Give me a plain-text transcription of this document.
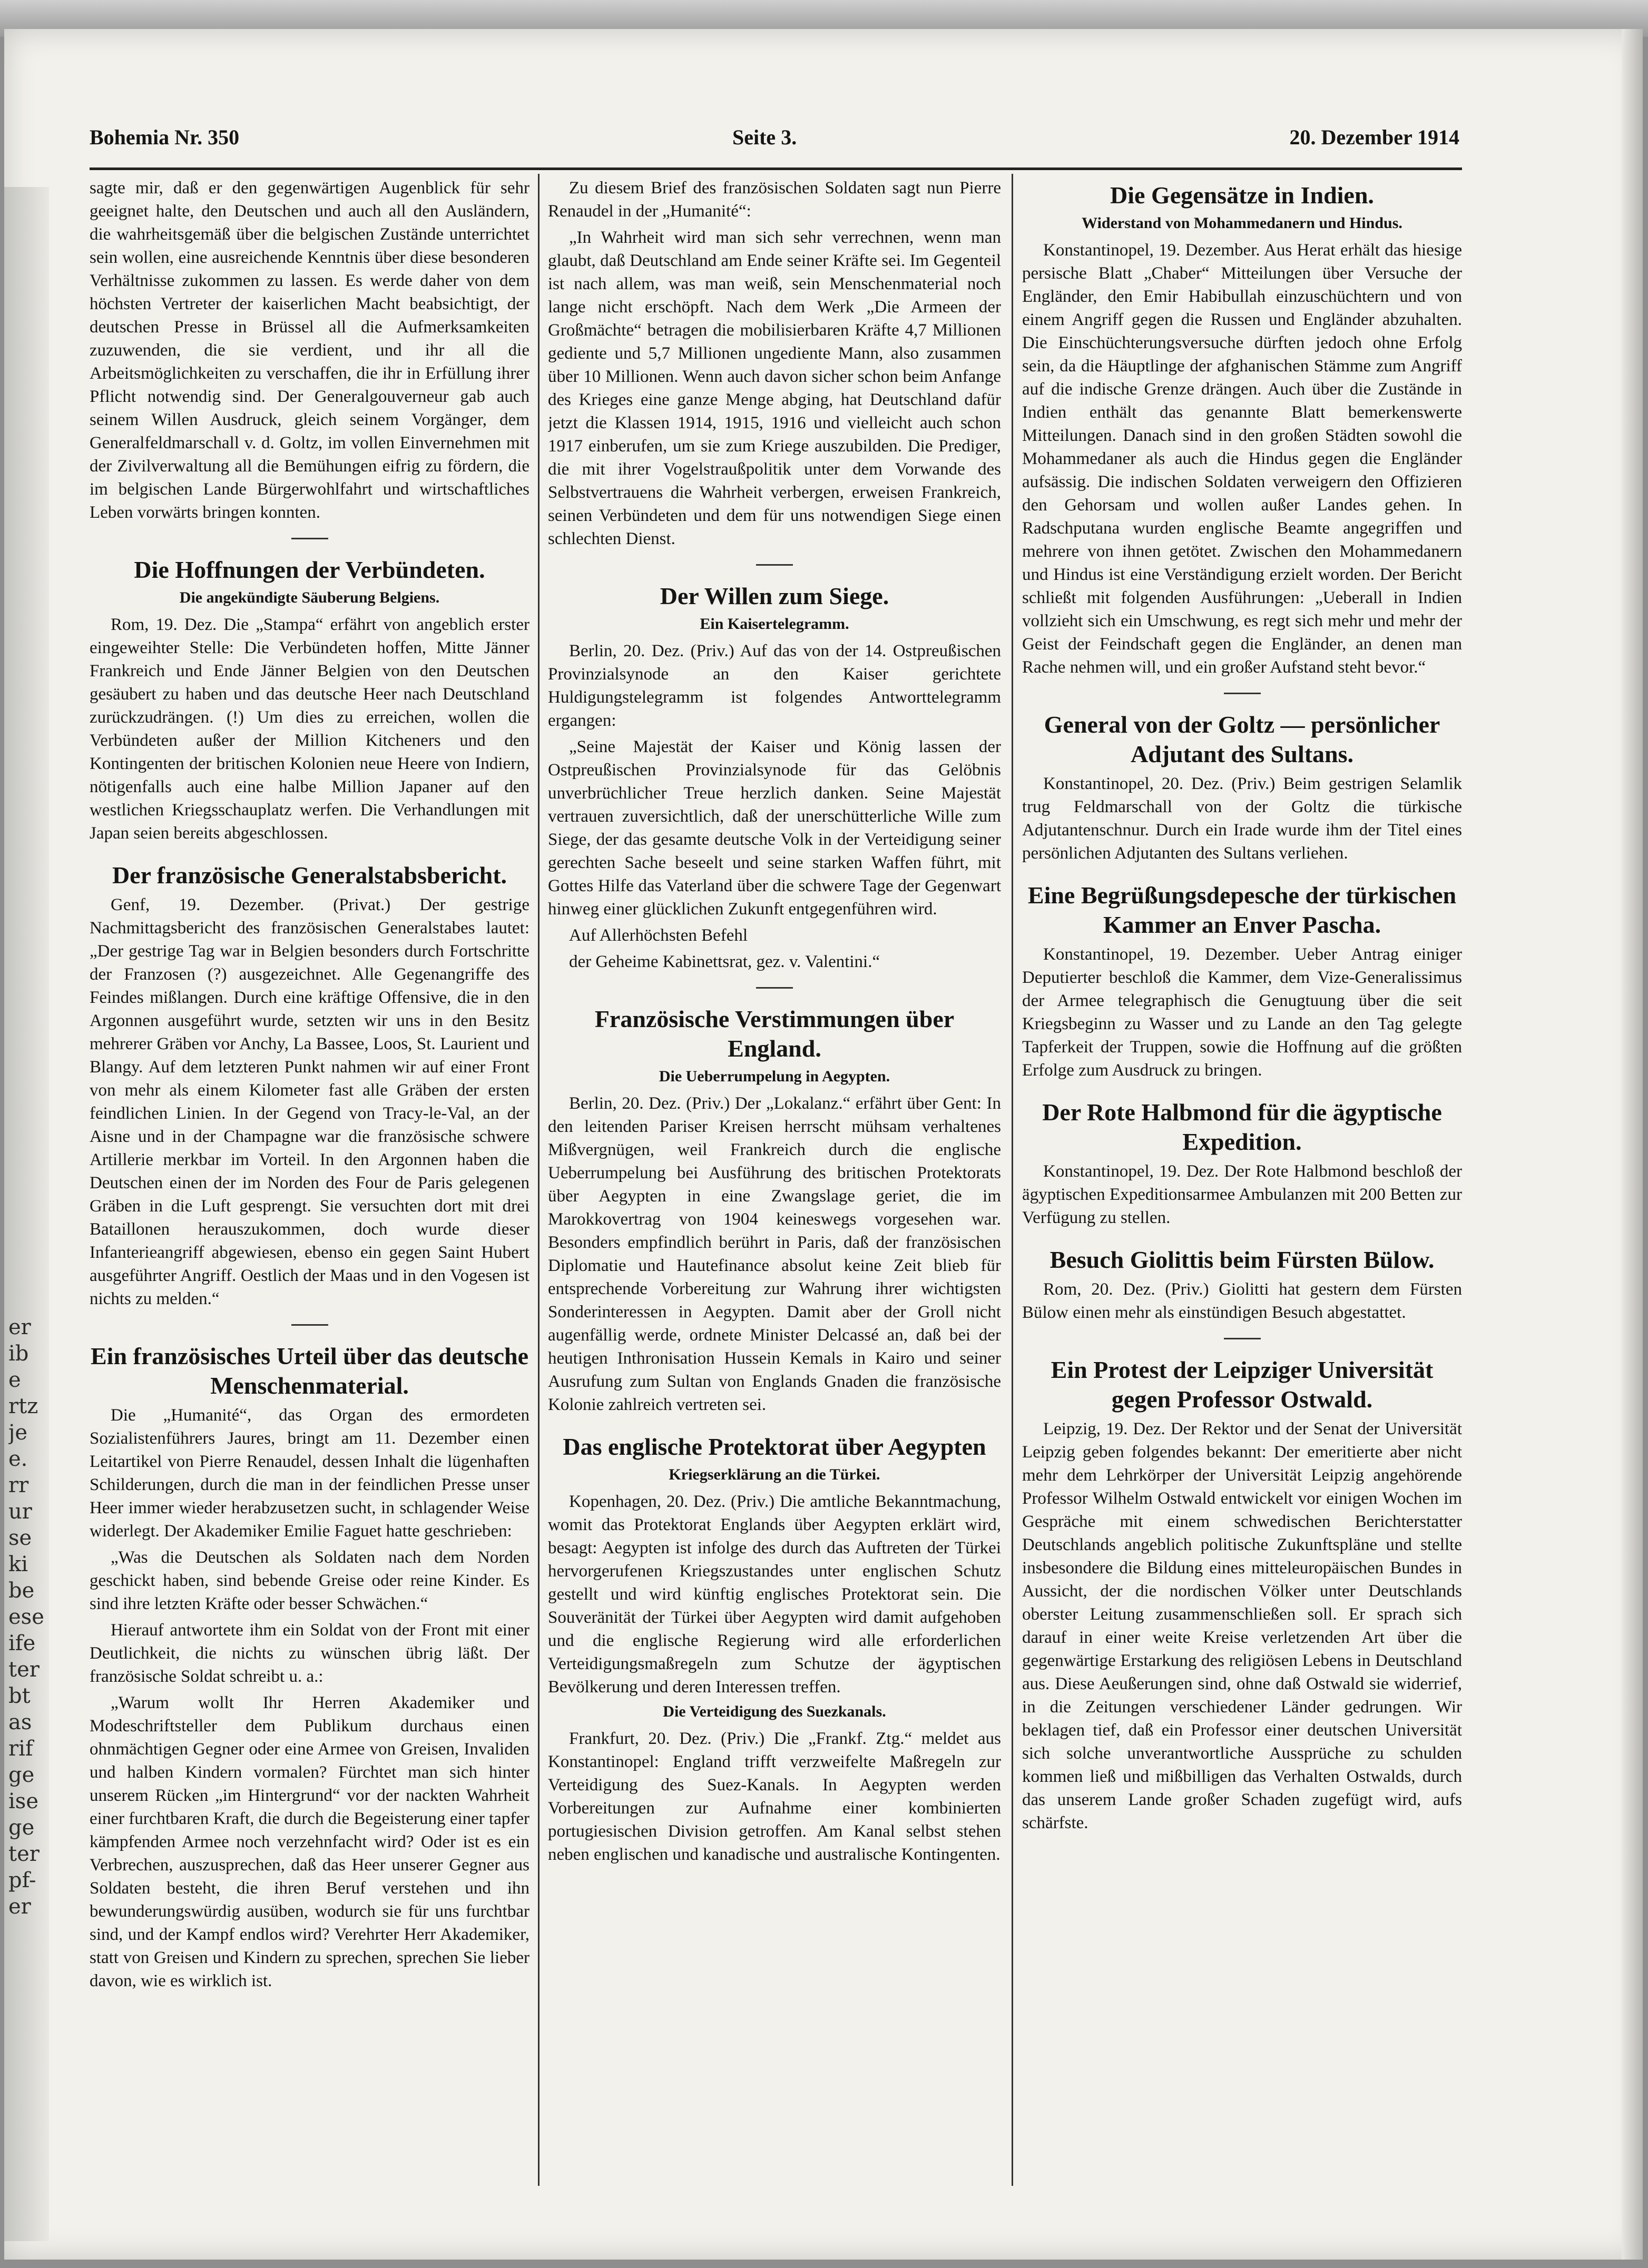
er
ib
e
rtz
je
e.
rr
ur
se
ki
be
ese
ife
ter
bt
as
rif
ge
ise
ge
ter
pf-
er
Bohemia Nr. 350	Seite 3.	20. Dezember 1914

sagte mir, daß er den gegenwärtigen Augenblick für sehr geeignet halte, den Deutschen und auch all den Ausländern, die wahrheitsgemäß über die belgischen Zustände unterrichtet sein wollen, eine ausreichende Kenntnis über diese besonderen Verhältnisse zukommen zu lassen. Es werde daher von dem höchsten Vertreter der kaiserlichen Macht beabsichtigt, der deutschen Presse in Brüssel all die Aufmerksamkeiten zuzuwenden, die sie verdient, und ihr all die Arbeitsmöglichkeiten zu verschaffen, die ihr in Erfüllung ihrer Pflicht notwendig sind. Der Generalgouverneur gab auch seinem Willen Ausdruck, gleich seinem Vorgänger, dem Generalfeldmarschall v. d. Goltz, im vollen Einvernehmen mit der Zivilverwaltung all die Bemühungen eifrig zu fördern, die im belgischen Lande Bürgerwohlfahrt und wirtschaftliches Leben vorwärts bringen konnten.

Die Hoffnungen der Verbündeten.
Die angekündigte Säuberung Belgiens.

Rom, 19. Dez. Die „Stampa“ erfährt von angeblich erster eingeweihter Stelle: Die Verbündeten hoffen, Mitte Jänner Frankreich und Ende Jänner Belgien von den Deutschen gesäubert zu haben und das deutsche Heer nach Deutschland zurückzudrängen. (!) Um dies zu erreichen, wollen die Verbündeten außer der Million Kitcheners und den Kontingenten der britischen Kolonien neue Heere von Indiern, nötigenfalls auch eine halbe Million Japaner auf den westlichen Kriegsschauplatz werfen. Die Verhandlungen mit Japan seien bereits abgeschlossen.

Der französische Generalstabsbericht.

Genf, 19. Dezember. (Privat.) Der gestrige Nachmittagsbericht des französischen Generalstabes lautet: „Der gestrige Tag war in Belgien besonders durch Fortschritte der Franzosen (?) ausgezeichnet. Alle Gegenangriffe des Feindes mißlangen. Durch eine kräftige Offensive, die in den Argonnen ausgeführt wurde, setzten wir uns in den Besitz mehrerer Gräben vor Anchy, La Bassee, Loos, St. Laurient und Blangy. Auf dem letzteren Punkt nahmen wir auf einer Front von mehr als einem Kilometer fast alle Gräben der ersten feindlichen Linien. In der Gegend von Tracy-le-Val, an der Aisne und in der Champagne war die französische schwere Artillerie merkbar im Vorteil. In den Argonnen haben die Deutschen einen der im Norden des Four de Paris gelegenen Gräben in die Luft gesprengt. Sie versuchten dort mit drei Bataillonen herauszukommen, doch wurde dieser Infanterieangriff abgewiesen, ebenso ein gegen Saint Hubert ausgeführter Angriff. Oestlich der Maas und in den Vogesen ist nichts zu melden.“

Ein französisches Urteil über das deutsche Menschenmaterial.

Die „Humanité“, das Organ des ermordeten Sozialistenführers Jaures, bringt am 11. Dezember einen Leitartikel von Pierre Renaudel, dessen Inhalt die lügenhaften Schilderungen, durch die man in der feindlichen Presse unser Heer immer wieder herabzusetzen sucht, in schlagender Weise widerlegt. Der Akademiker Emilie Faguet hatte geschrieben:

„Was die Deutschen als Soldaten nach dem Norden geschickt haben, sind bebende Greise oder reine Kinder. Es sind ihre letzten Kräfte oder besser Schwächen.“

Hierauf antwortete ihm ein Soldat von der Front mit einer Deutlichkeit, die nichts zu wünschen übrig läßt. Der französische Soldat schreibt u. a.:

„Warum wollt Ihr Herren Akademiker und Modeschriftsteller dem Publikum durchaus einen ohnmächtigen Gegner oder eine Armee von Greisen, Invaliden und halben Kindern vormalen? Fürchtet man sich hinter unserem Rücken „im Hintergrund“ vor der nackten Wahrheit einer furchtbaren Kraft, die durch die Begeisterung einer tapfer kämpfenden Armee noch verzehnfacht wird? Oder ist es ein Verbrechen, auszusprechen, daß das Heer unserer Gegner aus Soldaten besteht, die ihren Beruf verstehen und ihn bewunderungswürdig ausüben, wodurch sie für uns furchtbar sind, und der Kampf endlos wird? Verehrter Herr Akademiker, statt von Greisen und Kindern zu sprechen, sprechen Sie lieber davon, wie es wirklich ist.

Zu diesem Brief des französischen Soldaten sagt nun Pierre Renaudel in der „Humanité“:

„In Wahrheit wird man sich sehr verrechnen, wenn man glaubt, daß Deutschland am Ende seiner Kräfte sei. Im Gegenteil ist nach allem, was man weiß, sein Menschenmaterial noch lange nicht erschöpft. Nach dem Werk „Die Armeen der Großmächte“ betragen die mobilisierbaren Kräfte 4,7 Millionen gediente und 5,7 Millionen ungediente Mann, also zusammen über 10 Millionen. Wenn auch davon sicher schon beim Anfange des Krieges eine ganze Menge abging, hat Deutschland dafür jetzt die Klassen 1914, 1915, 1916 und vielleicht auch schon 1917 einberufen, um sie zum Kriege auszubilden. Die Prediger, die mit ihrer Vogelstraußpolitik unter dem Vorwande des Selbstvertrauens die Wahrheit verbergen, erweisen Frankreich, seinen Verbündeten und dem für uns notwendigen Siege einen schlechten Dienst.

Der Willen zum Siege.
Ein Kaisertelegramm.

Berlin, 20. Dez. (Priv.) Auf das von der 14. Ostpreußischen Provinzialsynode an den Kaiser gerichtete Huldigungstelegramm ist folgendes Antworttelegramm ergangen:

„Seine Majestät der Kaiser und König lassen der Ostpreußischen Provinzialsynode für das Gelöbnis unverbrüchlicher Treue herzlich danken. Seine Majestät vertrauen zuversichtlich, daß der unerschütterliche Wille zum Siege, der das gesamte deutsche Volk in der Verteidigung seiner gerechten Sache beseelt und seine starken Waffen führt, mit Gottes Hilfe das Vaterland über die schwere Tage der Gegenwart hinweg einer glücklichen Zukunft entgegenführen wird.

Auf Allerhöchsten Befehl

der Geheime Kabinettsrat, gez. v. Valentini.“

Französische Verstimmungen über England.
Die Ueberrumpelung in Aegypten.

Berlin, 20. Dez. (Priv.) Der „Lokalanz.“ erfährt über Gent: In den leitenden Pariser Kreisen herrscht mühsam verhaltenes Mißvergnügen, weil Frankreich durch die englische Ueberrumpelung bei Ausführung des britischen Protektorats über Aegypten in eine Zwangslage geriet, die im Marokkovertrag von 1904 keineswegs vorgesehen war. Besonders empfindlich berührt in Paris, daß der französischen Diplomatie und Hautefinance absolut keine Zeit blieb für entsprechende Vorbereitung zur Wahrung ihrer wichtigsten Sonderinteressen in Aegypten. Damit aber der Groll nicht augenfällig werde, ordnete Minister Delcassé an, daß bei der heutigen Inthronisation Hussein Kemals in Kairo und seiner Ausrufung zum Sultan von Englands Gnaden die französische Kolonie zahlreich vertreten sei.

Das englische Protektorat über Aegypten
Kriegserklärung an die Türkei.

Kopenhagen, 20. Dez. (Priv.) Die amtliche Bekanntmachung, womit das Protektorat Englands über Aegypten erklärt wird, besagt: Aegypten ist infolge des durch das Auftreten der Türkei hervorgerufenen Kriegszustandes unter englischen Schutz gestellt und wird künftig englisches Protektorat sein. Die Souveränität der Türkei über Aegypten wird damit aufgehoben und die englische Regierung wird alle erforderlichen Verteidigungsmaßregeln zum Schutze der ägyptischen Bevölkerung und deren Interessen treffen.

Die Verteidigung des Suezkanals.

Frankfurt, 20. Dez. (Priv.) Die „Frankf. Ztg.“ meldet aus Konstantinopel: England trifft verzweifelte Maßregeln zur Verteidigung des Suez-Kanals. In Aegypten werden Vorbereitungen zur Aufnahme einer kombinierten portugiesischen Division getroffen. Am Kanal selbst stehen neben englischen und kanadische und australische Kontingenten.

Die Gegensätze in Indien.
Widerstand von Mohammedanern und Hindus.

Konstantinopel, 19. Dezember. Aus Herat erhält das hiesige persische Blatt „Chaber“ Mitteilungen über Versuche der Engländer, den Emir Habibullah einzuschüchtern und von einem Angriff gegen die Russen und Engländer abzuhalten. Die Einschüchterungsversuche dürften jedoch ohne Erfolg sein, da die Häuptlinge der afghanischen Stämme zum Angriff auf die indische Grenze drängen. Auch über die Zustände in Indien enthält das genannte Blatt bemerkenswerte Mitteilungen. Danach sind in den großen Städten sowohl die Mohammedaner als auch die Hindus gegen die Engländer aufsässig. Die indischen Soldaten verweigern den Offizieren den Gehorsam und wollen außer Landes gehen. In Radschputana wurden englische Beamte angegriffen und mehrere von ihnen getötet. Zwischen den Mohammedanern und Hindus ist eine Verständigung erzielt worden. Der Bericht schließt mit folgenden Ausführungen: „Ueberall in Indien vollzieht sich ein Umschwung, es regt sich mehr und mehr der Geist der Feindschaft gegen die Engländer, an denen man Rache nehmen will, und ein großer Aufstand steht bevor.“

General von der Goltz — persönlicher Adjutant des Sultans.

Konstantinopel, 20. Dez. (Priv.) Beim gestrigen Selamlik trug Feldmarschall von der Goltz die türkische Adjutantenschnur. Durch ein Irade wurde ihm der Titel eines persönlichen Adjutanten des Sultans verliehen.

Eine Begrüßungsdepesche der türkischen Kammer an Enver Pascha.

Konstantinopel, 19. Dezember. Ueber Antrag einiger Deputierter beschloß die Kammer, dem Vize-Generalissimus der Armee telegraphisch die Genugtuung über die seit Kriegsbeginn zu Wasser und zu Lande an den Tag gelegte Tapferkeit der Truppen, sowie die Hoffnung auf die größten Erfolge zum Ausdruck zu bringen.

Der Rote Halbmond für die ägyptische Expedition.

Konstantinopel, 19. Dez. Der Rote Halbmond beschloß der ägyptischen Expeditionsarmee Ambulanzen mit 200 Betten zur Verfügung zu stellen.

Besuch Giolittis beim Fürsten Bülow.

Rom, 20. Dez. (Priv.) Giolitti hat gestern dem Fürsten Bülow einen mehr als einstündigen Besuch abgestattet.

Ein Protest der Leipziger Universität gegen Professor Ostwald.

Leipzig, 19. Dez. Der Rektor und der Senat der Universität Leipzig geben folgendes bekannt: Der emeritierte aber nicht mehr dem Lehrkörper der Universität Leipzig angehörende Professor Wilhelm Ostwald entwickelt vor einigen Wochen im Gespräche mit einem schwedischen Berichterstatter Deutschlands angeblich politische Zukunftspläne und stellte insbesondere die Bildung eines mitteleuropäischen Bundes in Aussicht, der die nordischen Völker unter Deutschlands oberster Leitung zusammenschließen soll. Er sprach sich darauf in einer weite Kreise verletzenden Art über die gegenwärtige Erstarkung des religiösen Lebens in Deutschland aus. Diese Aeußerungen sind, ohne daß Ostwald sie widerrief, in die Zeitungen verschiedener Länder gedrungen. Wir beklagen tief, daß ein Professor einer deutschen Universität sich solche unverantwortliche Aussprüche zu schulden kommen ließ und mißbilligen das Verhalten Ostwalds, durch das unserem Lande großer Schaden zugefügt wird, aufs schärfste.
